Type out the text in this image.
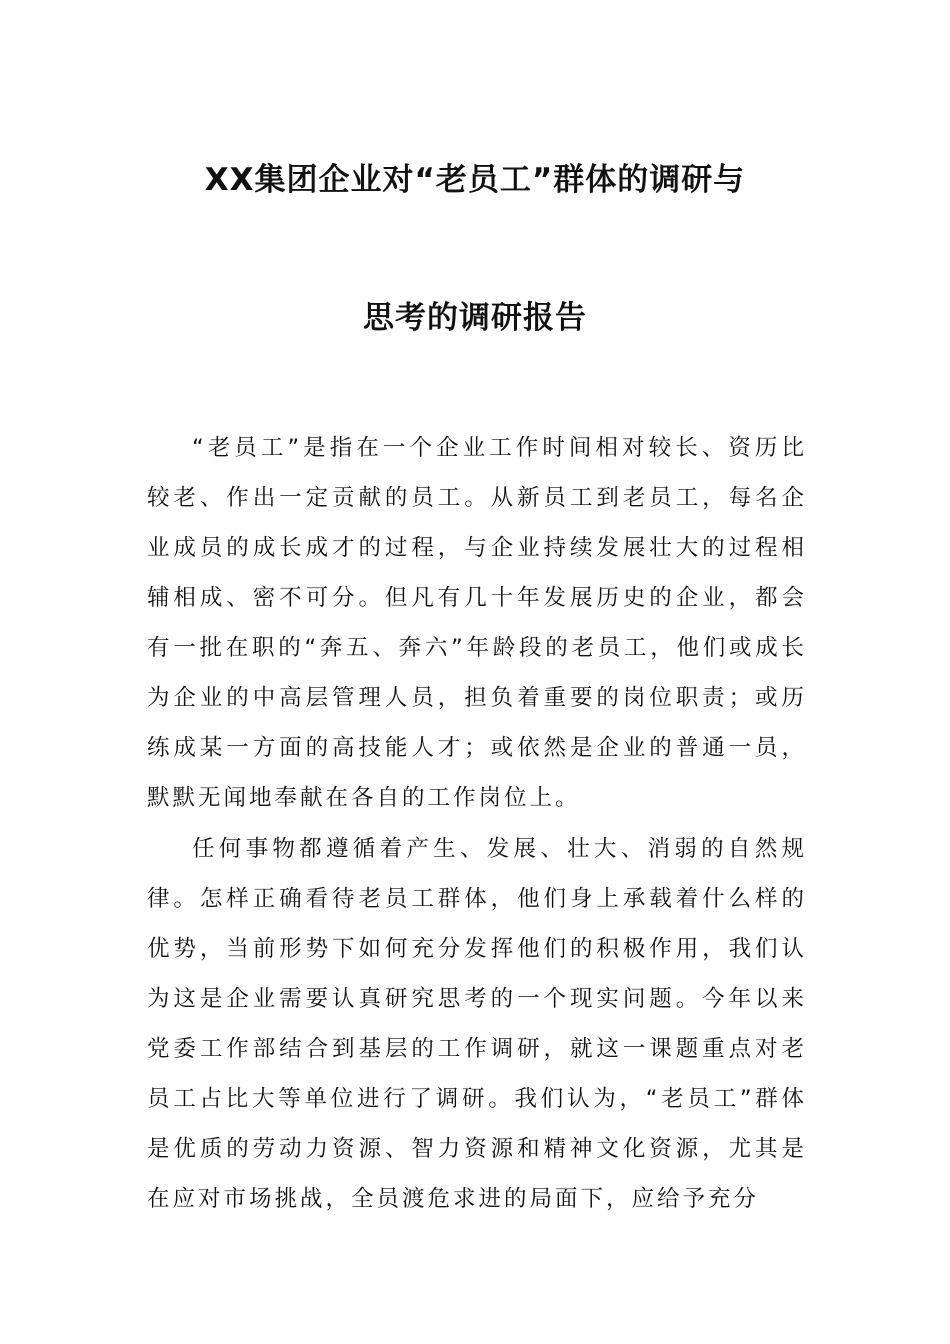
XX集团企业对“老员工”群体的调研与
思考的调研报告

“老员工”是指在一个企业工作时间相对较长、资历比较老、作出一定贡献的员工。从新员工到老员工，每名企业成员的成长成才的过程，与企业持续发展壮大的过程相辅相成、密不可分。但凡有几十年发展历史的企业，都会有一批在职的“奔五、奔六”年龄段的老员工，他们或成长为企业的中高层管理人员，担负着重要的岗位职责；或历练成某一方面的高技能人才；或依然是企业的普通一员，默默无闻地奉献在各自的工作岗位上。

任何事物都遵循着产生、发展、壮大、消弱的自然规律。怎样正确看待老员工群体，他们身上承载着什么样的优势，当前形势下如何充分发挥他们的积极作用，我们认为这是企业需要认真研究思考的一个现实问题。今年以来党委工作部结合到基层的工作调研，就这一课题重点对老员工占比大等单位进行了调研。我们认为，“老员工”群体是优质的劳动力资源、智力资源和精神文化资源，尤其是在应对市场挑战，全员渡危求进的局面下，应给予充分
